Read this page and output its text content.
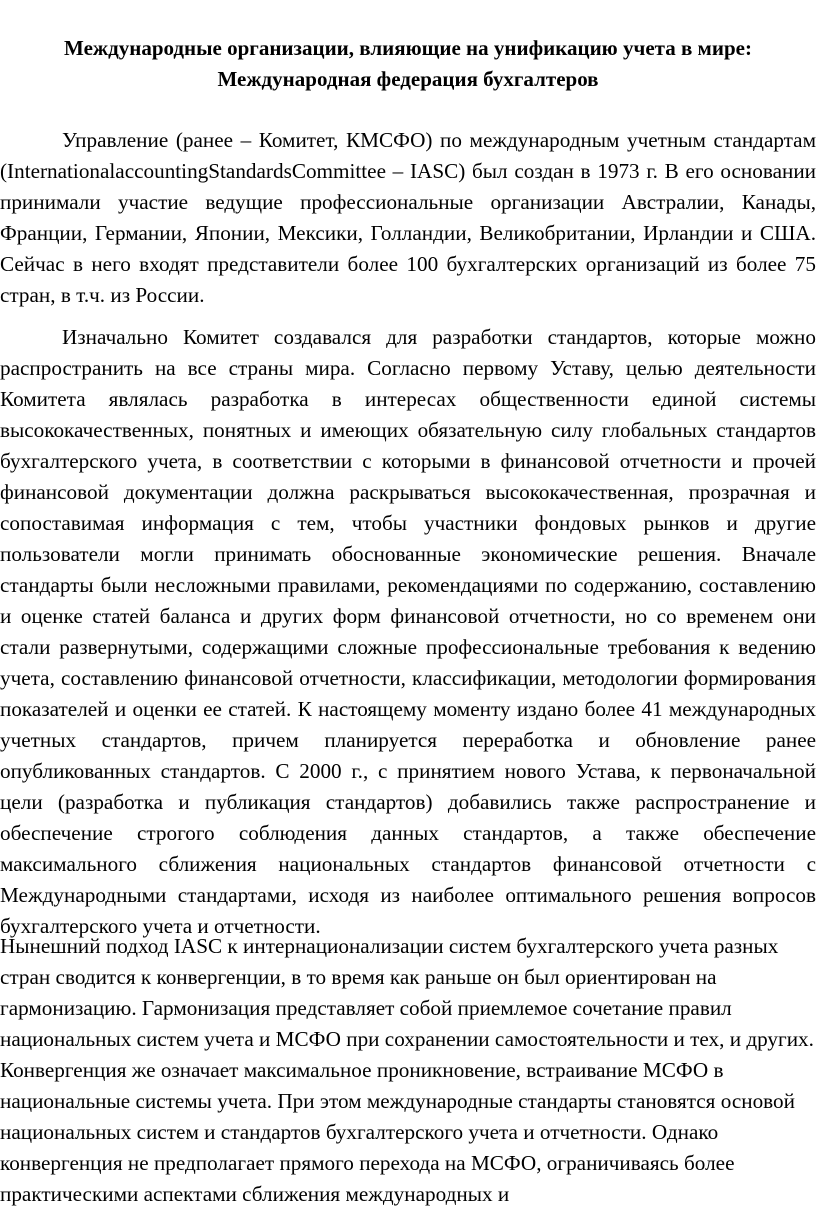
Международные организации, влияющие на унификацию учета в мире:
Международная федерация бухгалтеров

Управление (ранее – Комитет, КМСФО) по международным учетным стандартам (InternationalaccountingStandardsCommittee – IASC) был создан в 1973 г. В его основании принимали участие ведущие профессиональные организации Австралии, Канады, Франции, Германии, Японии, Мексики, Голландии, Великобритании, Ирландии и США. Сейчас в него входят представители более 100 бухгалтерских организаций из более 75 стран, в т.ч. из России.

Изначально Комитет создавался для разработки стандартов, которые можно распространить на все страны мира. Согласно первому Уставу, целью деятельности Комитета являлась разработка в интересах общественности единой системы высококачественных, понятных и имеющих обязательную силу глобальных стандартов бухгалтерского учета, в соответствии с которыми в финансовой отчетности и прочей финансовой документации должна раскрываться высококачественная, прозрачная и сопоставимая информация с тем, чтобы участники фондовых рынков и другие пользователи могли принимать обоснованные экономические решения. Вначале стандарты были несложными правилами, рекомендациями по содержанию, составлению и оценке статей баланса и других форм финансовой отчетности, но со временем они стали развернутыми, содержащими сложные профессиональные требования к ведению учета, составлению финансовой отчетности, классификации, методологии формирования показателей и оценки ее статей. К настоящему моменту издано более 41 международных учетных стандартов, причем планируется переработка и обновление ранее опубликованных стандартов. С 2000 г., с принятием нового Устава, к первоначальной цели (разработка и публикация стандартов) добавились также распространение и обеспечение строгого соблюдения данных стандартов, а также обеспечение максимального сближения национальных стандартов финансовой отчетности с Международными стандартами, исходя из наиболее оптимального решения вопросов бухгалтерского учета и отчетности.

Нынешний подход IASC к интернационализации систем бухгалтерского учета разных стран сводится к конвергенции, в то время как раньше он был ориентирован на гармонизацию. Гармонизация представляет собой приемлемое сочетание правил национальных систем учета и МСФО при сохранении самостоятельности и тех, и других. Конвергенция же означает максимальное проникновение, встраивание МСФО в национальные системы учета. При этом международные стандарты становятся основой национальных систем и стандартов бухгалтерского учета и отчетности. Однако конвергенция не предполагает прямого перехода на МСФО, ограничиваясь более практическими аспектами сближения международных и
